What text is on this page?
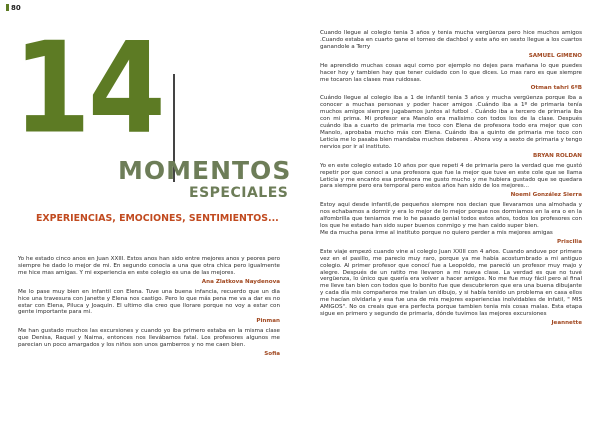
80
14
MOMENTOS
ESPECIALES
EXPERIENCIAS, EMOCIONES, SENTIMIENTOS...

Yo he estado cinco anos en Juan XXIII. Estos anos han sido entre mejores anos y peores pero siempre he dado lo mejor de mi. En segundo conocia a una que otra chica pero igualmente me hice mas amigas. Y mi experiencia en este colegio es una de las mejores.

Ana Zlatkova Naydenova

Me lo pase muy bien en infantil con Elena. Tuve una buena infancia, recuerdo que un dia hice una travesura con Janette y Elena nos castigo. Pero lo que más pena me va a dar es no estar con Elena, Piluca y Joaquin. El ultimo dia creo que llorare porque no voy a estar con gente importante para mi.

Pinman

Me han gustado muchos las excursiones y cuando yo iba primero estaba en la misma clase que Denisa, Raquel y Naima, entonces nos llevábamos fatal. Los profesores algunos me parecian un poco amargados y los niños son unos gamberros y no me caen bien.

Sofia

Cuando llegue al colegio tenia 3 años y tenia mucha vergüenza pero hice muchos amigos .Cuando estaba en cuarto gane el torneo de dachbol y este año en sexto llegue a los cuartos ganandole a Terry

SAMUEL GIMENO

He aprendido muchas cosas aqui como por ejemplo no dejes para mañana lo que puedes hacer hoy y tambien hay que tener cuidado con lo que dices. Lo mas raro es que siempre me tocaron las clases mas ruidosas.

Otman tahri 6ºB

Cuándo llegue al colegio iba a 1 de infantil tenia 3 años y mucha vergüenza porque iba a conocer a muchas personas y poder hacer amigos .Cuándo iba a 1º de primaria tenía muchos amigos siempre jugabamos juntos al futbol . Cuándo iba a tercero de primaria iba con mi prima. Mi profesor era Manolo era malisimo con todos los de la clase. Después cuándo iba a cuarto de primaria me toco con Elena de profesora todo era mejor que con Manolo, aprobaba mucho más con Elena. Cuándo iba a quinto de primaria me toco con Leticia me lo pasaba bien mandaba muchos deberes . Ahora voy a sexto de primaria y tengo nervios por ir al instituto.

BRYAN ROLDAN

Yo en este colegio estado 10 años por que repeti 4 de primaria pero la verdad que me gustó repetir por que conoci a una profesora que fue la mejor que tuve en este cole que se llama Leticia y me encanto esa profesora me gusto mucho y me hubiera gustado que se quedara para siempre pero era temporal pero estos años han sido de los mejores...

Noemi González Sierra

Estoy aqui desde infantil,de pequeños siempre nos decian que llevaramos una almohada y nos echabamos a dormir y era lo mejor de lo mejor porque nos dormiamos en la era o en la alfombrilla que teniamos me lo he pasado genial todos estos años, todos los profesores con los que he estado han sido super buenos conmigo y me han caido super bien.
Me da mucha pena irme al instituto porque no quiero perder a mis mejores amigas

Priscilia

Este viaje empezó cuando vine al colegio Juan XXIII con 4 años. Cuando anduve por primera vez en el pasillo, me parecio muy raro, porque ya me había acostumbrado a mi antiguo colegio. Al primer profesor que conocí fue a Leopoldo, me pareció un profesor muy majo y alegre. Después de un ratito me llevaron a mi nueva clase. La verdad es que no tuvé vergüenza, lo único que quería era volver a hacer amigos. No me fue muy fácil pero al final me lleve tan bien con todos que lo bonito fue que descubrieron que era una buena dibujante y cada día mis compañeros me traían un dibujo, y si había tenido un problema en casa ellos me hacían olvidarla y esa fue una de mis mejores experiencias inolvidables de infatil, " MIS AMIGOS". No os creais que era perfecta porque tambien tenia mis cosas malas. Esta etapa sigue en primero y segundo de primaria, dónde tuvimos las mejores excursiones

Jeannette
